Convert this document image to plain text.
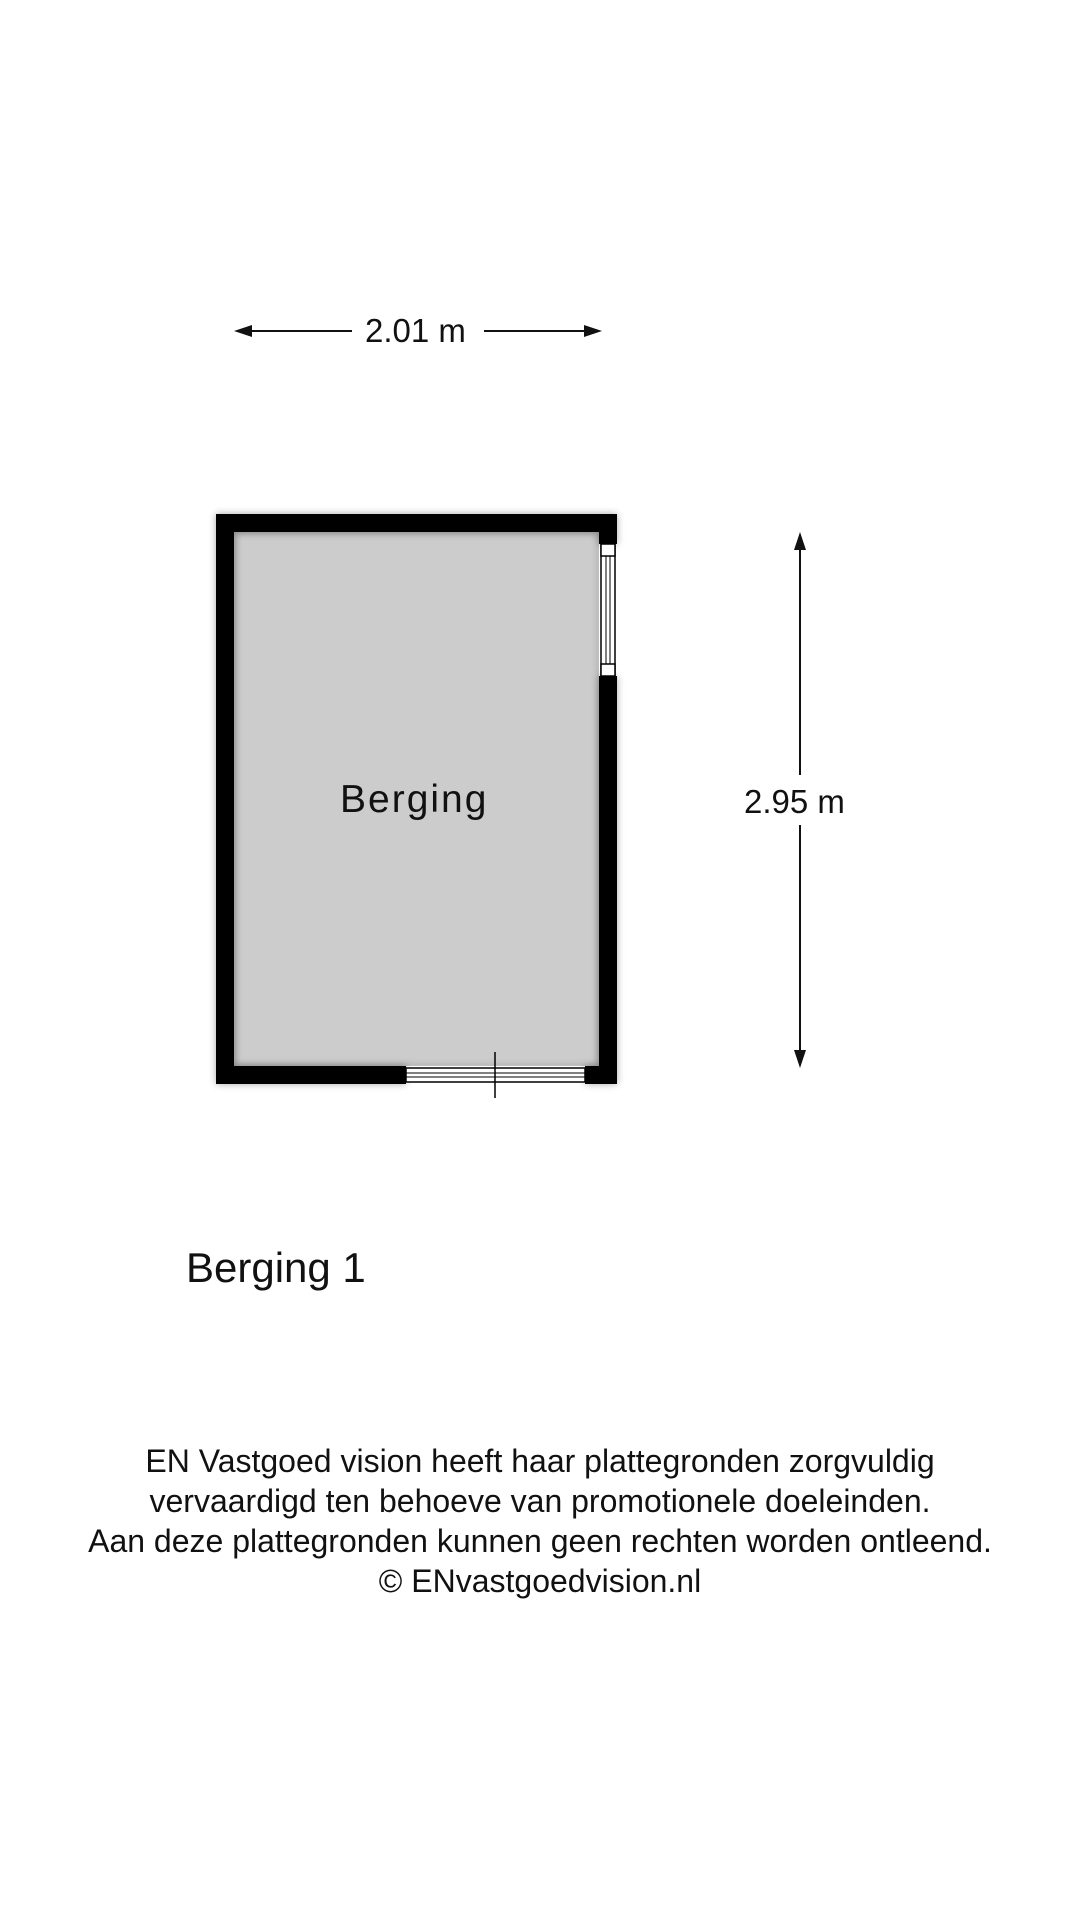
2.01 m
2.95 m
Berging
Berging 1
EN Vastgoed vision heeft haar plattegronden zorgvuldig
vervaardigd ten behoeve van promotionele doeleinden.
Aan deze plattegronden kunnen geen rechten worden ontleend.
© ENvastgoedvision.nl
